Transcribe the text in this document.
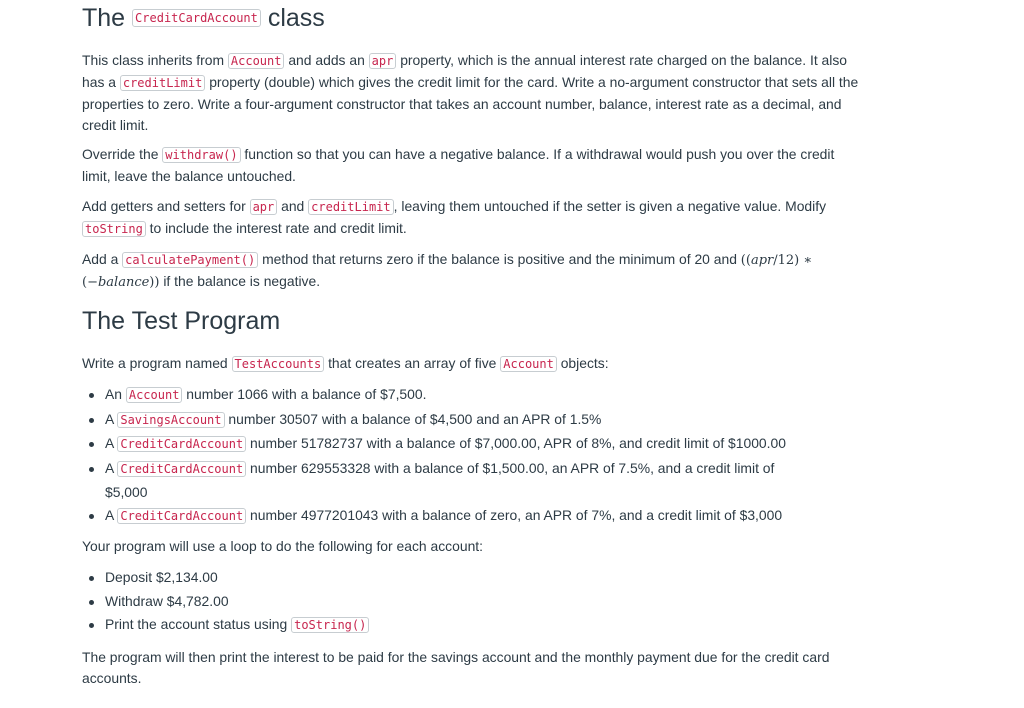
The CreditCardAccount class

This class inherits from Account and adds an apr property, which is the annual interest rate charged on the balance. It also has a creditLimit property (double) which gives the credit limit for the card. Write a no-argument constructor that sets all the properties to zero. Write a four-argument constructor that takes an account number, balance, interest rate as a decimal, and credit limit.

Override the withdraw() function so that you can have a negative balance. If a withdrawal would push you over the credit limit, leave the balance untouched.

Add getters and setters for apr and creditLimit , leaving them untouched if the setter is given a negative value. Modify toString to include the interest rate and credit limit.

Add a calculatePayment() method that returns zero if the balance is positive and the minimum of 20 and ((apr/12) ∗ (−balance)) if the balance is negative.

The Test Program

Write a program named TestAccounts that creates an array of five Account objects:

An Account number 1066 with a balance of $7,500.
A SavingsAccount number 30507 with a balance of $4,500 and an APR of 1.5%
A CreditCardAccount number 51782737 with a balance of $7,000.00, APR of 8%, and credit limit of $1000.00
A CreditCardAccount number 629553328 with a balance of $1,500.00, an APR of 7.5%, and a credit limit of
$5,000
A CreditCardAccount number 4977201043 with a balance of zero, an APR of 7%, and a credit limit of $3,000

Your program will use a loop to do the following for each account:

Deposit $2,134.00
Withdraw $4,782.00
Print the account status using toString()

The program will then print the interest to be paid for the savings account and the monthly payment due for the credit card accounts.
